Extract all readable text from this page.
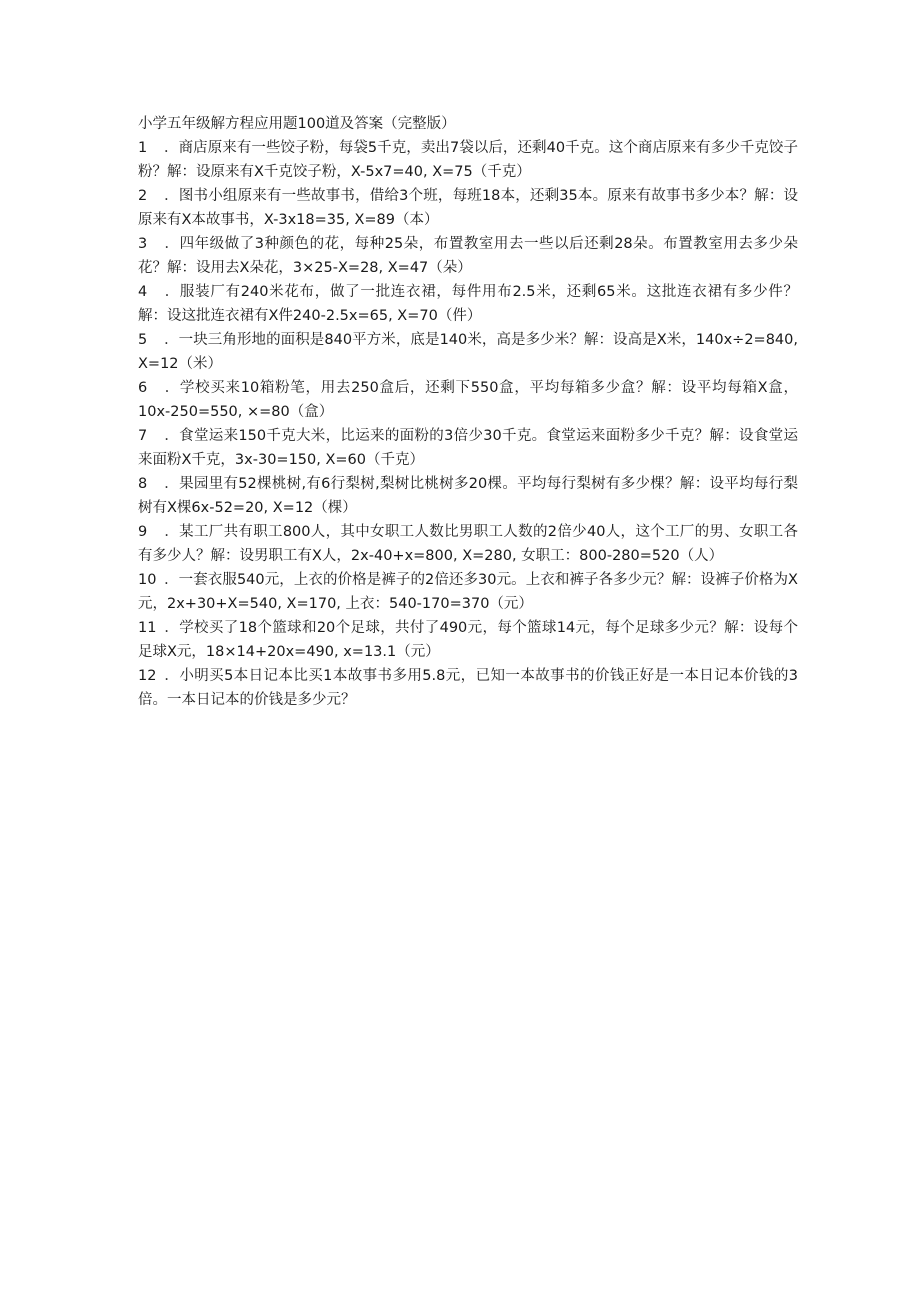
小学五年级解方程应用题100道及答案（完整版）

1 ．商店原来有一些饺子粉，每袋5千克，卖出7袋以后，还剩40千克。这个商店原来有多少千克饺子粉？解：设原来有X千克饺子粉，X-5x7=40, X=75（千克）

2 ．图书小组原来有一些故事书，借给3个班，每班18本，还剩35本。原来有故事书多少本？解：设原来有X本故事书，X-3x18=35, X=89（本）

3 ．四年级做了3种颜色的花，每种25朵，布置教室用去一些以后还剩28朵。布置教室用去多少朵花？解：设用去X朵花，3×25-X=28, X=47（朵）

4 ．服装厂有240米花布，做了一批连衣裙，每件用布2.5米，还剩65米。这批连衣裙有多少件？解：设这批连衣裙有X件240-2.5x=65, X=70（件）

5 ．一块三角形地的面积是840平方米，底是140米，高是多少米？解：设高是X米，140x÷2=840, X=12（米）

6 ．学校买来10箱粉笔，用去250盒后，还剩下550盒，平均每箱多少盒？解：设平均每箱X盒，10x-250=550, ×=80（盒）

7 ．食堂运来150千克大米，比运来的面粉的3倍少30千克。食堂运来面粉多少千克？解：设食堂运来面粉X千克，3x-30=150, X=60（千克）

8 ．果园里有52棵桃树,有6行梨树,梨树比桃树多20棵。平均每行梨树有多少棵？解：设平均每行梨树有X棵6x-52=20, X=12（棵）

9 ．某工厂共有职工800人，其中女职工人数比男职工人数的2倍少40人，这个工厂的男、女职工各有多少人？解：设男职工有X人，2x-40+x=800, X=280, 女职工：800-280=520（人）

10 ．一套衣服540元，上衣的价格是裤子的2倍还多30元。上衣和裤子各多少元？解：设裤子价格为X元，2x+30+X=540, X=170, 上衣：540-170=370（元）

11 ．学校买了18个篮球和20个足球，共付了490元，每个篮球14元，每个足球多少元？解：设每个足球X元，18×14+20x=490, x=13.1（元）

12 ．小明买5本日记本比买1本故事书多用5.8元，已知一本故事书的价钱正好是一本日记本价钱的3倍。一本日记本的价钱是多少元？
